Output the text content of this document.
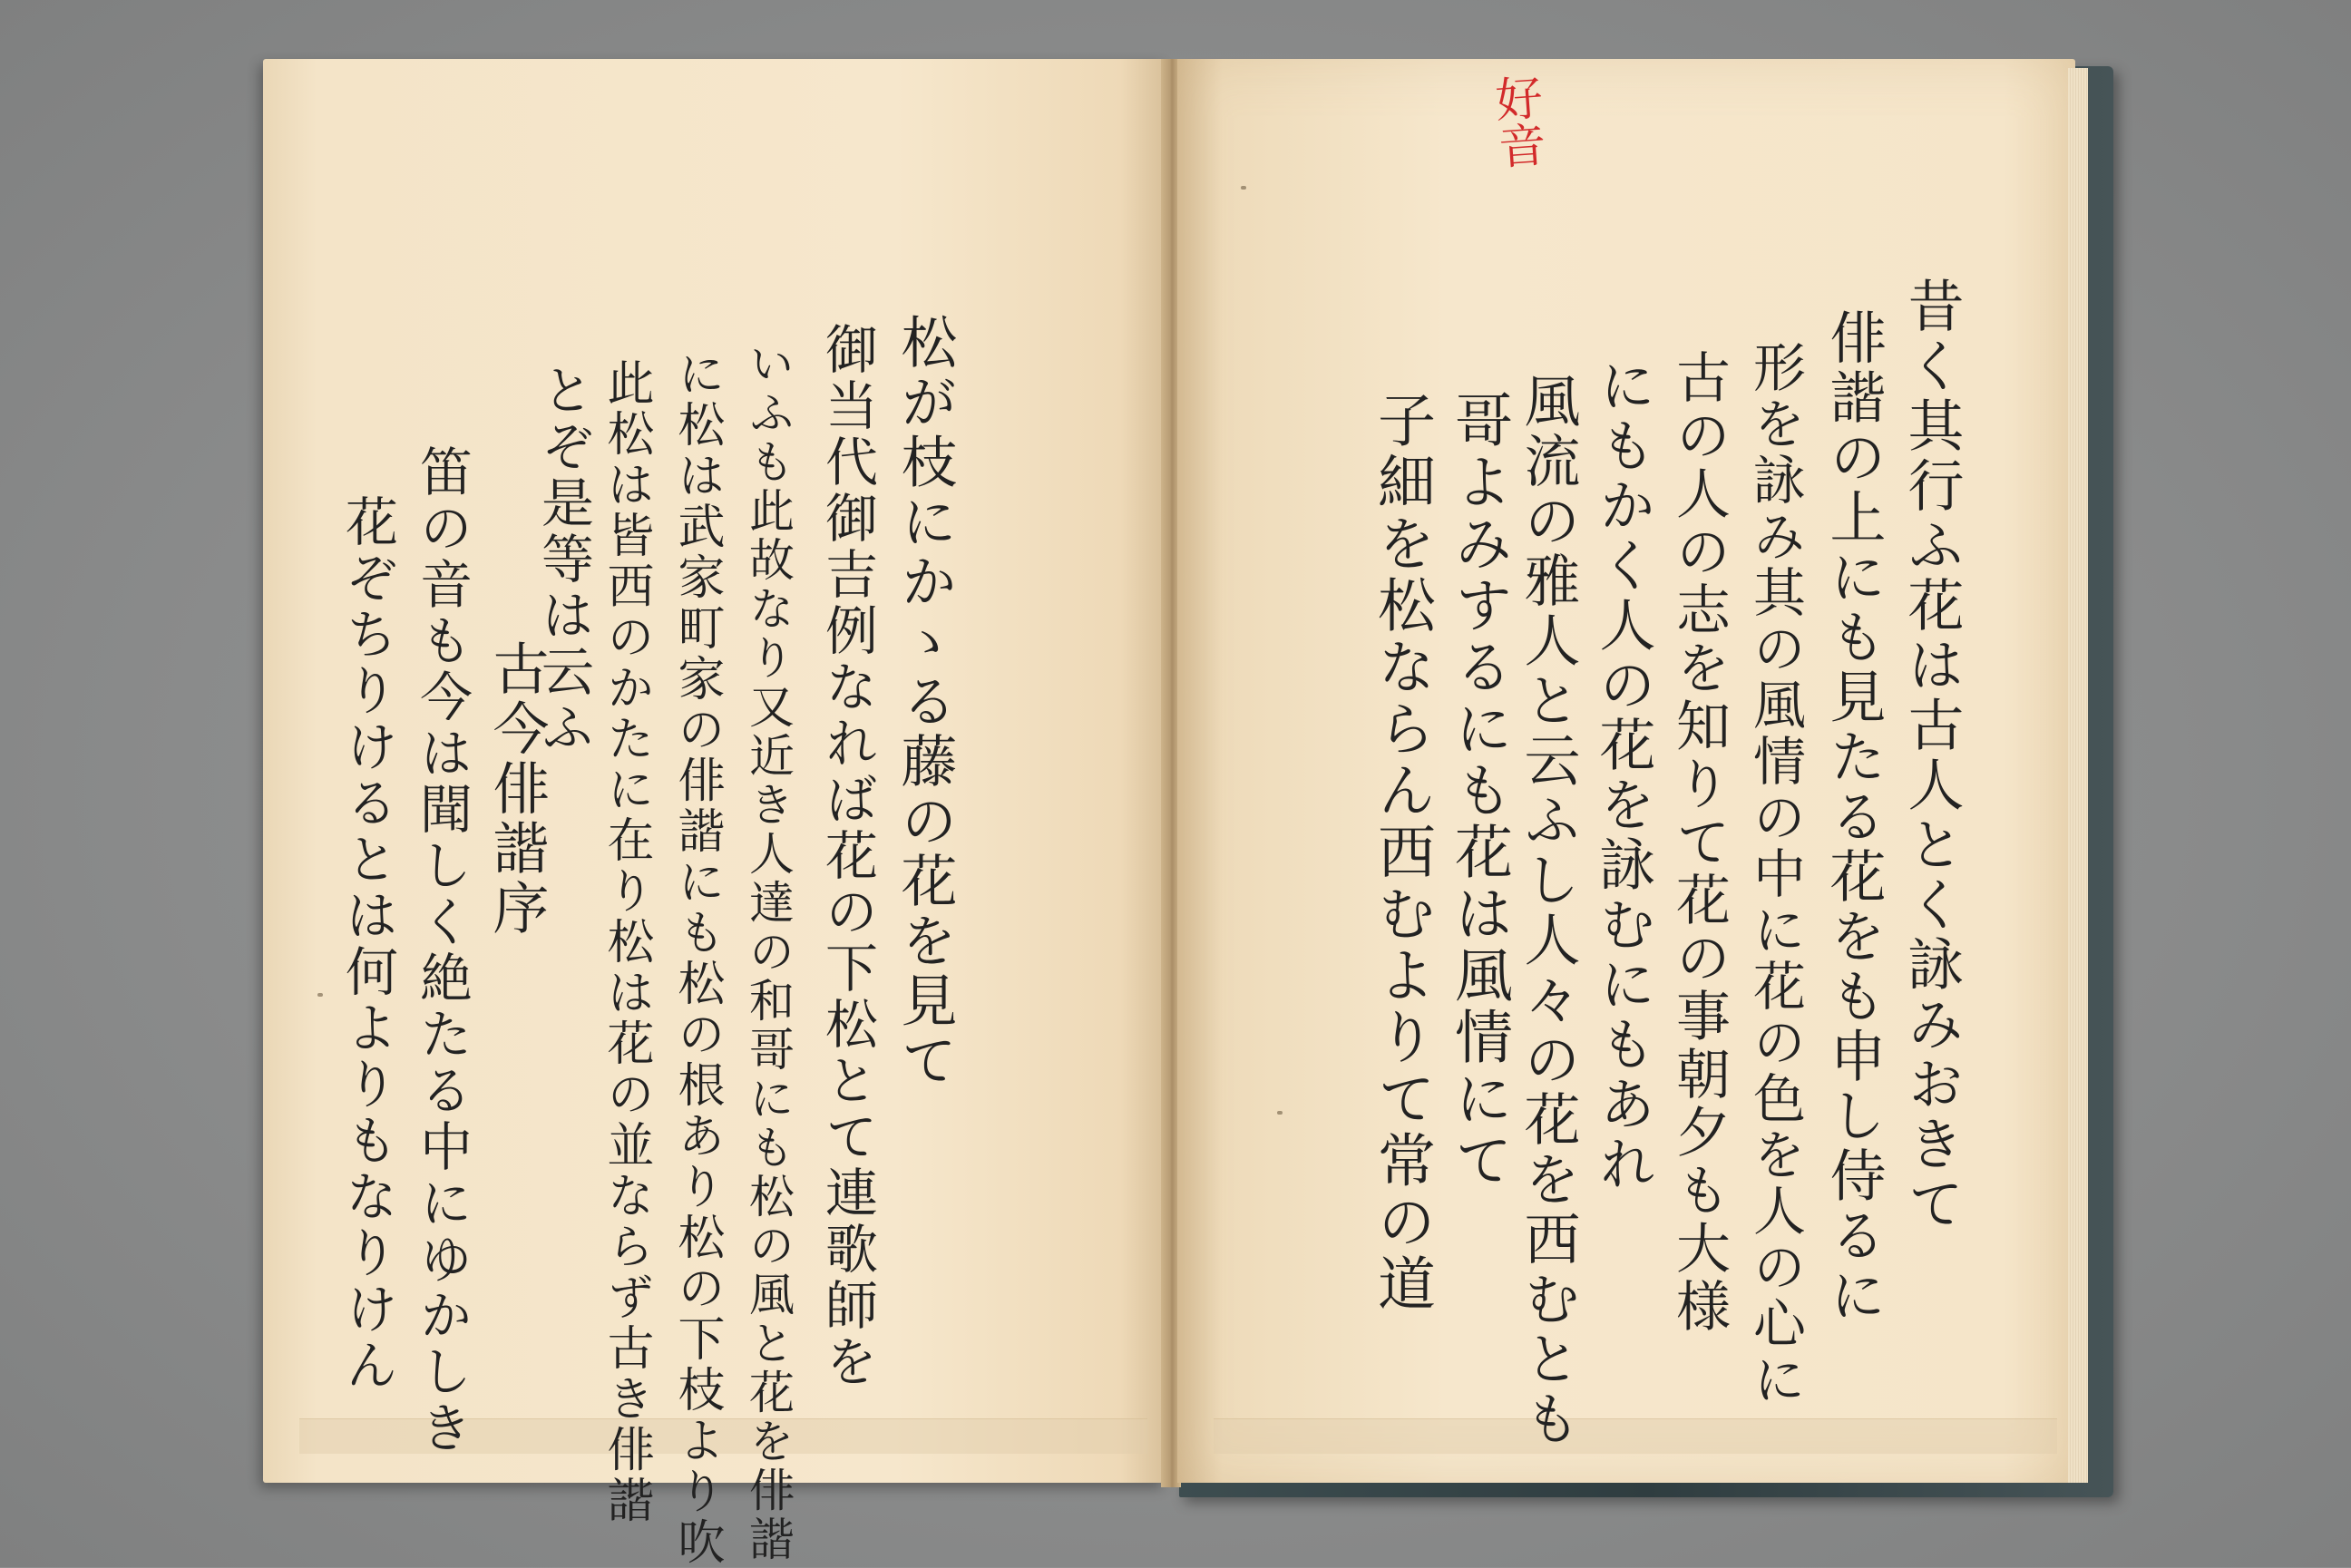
松が枝にかゝる藤の花を見て
御当代御吉例なれば花の下松とて連歌師を
いふも此故なり又近き人達の和哥にも松の風と花を俳諧
に松は武家町家の俳諧にも松の根あり松の下枝より吹
此松は皆西のかたに在り松は花の並ならず古き俳諧
とぞ是等は云ふ
古今俳諧序
笛の音も今は聞しく絶たる中にゆかしき
花ぞちりけるとは何よりもなりけん
好音
昔く其行ふ花は古人とく詠みおきて
俳諧の上にも見たる花をも申し侍るに
形を詠み其の風情の中に花の色を人の心に
古の人の志を知りて花の事朝夕も大様
にもかく人の花を詠むにもあれ
風流の雅人と云ふし人々の花を西むとも
哥よみするにも花は風情にて
子細を松ならん西むよりて常の道
